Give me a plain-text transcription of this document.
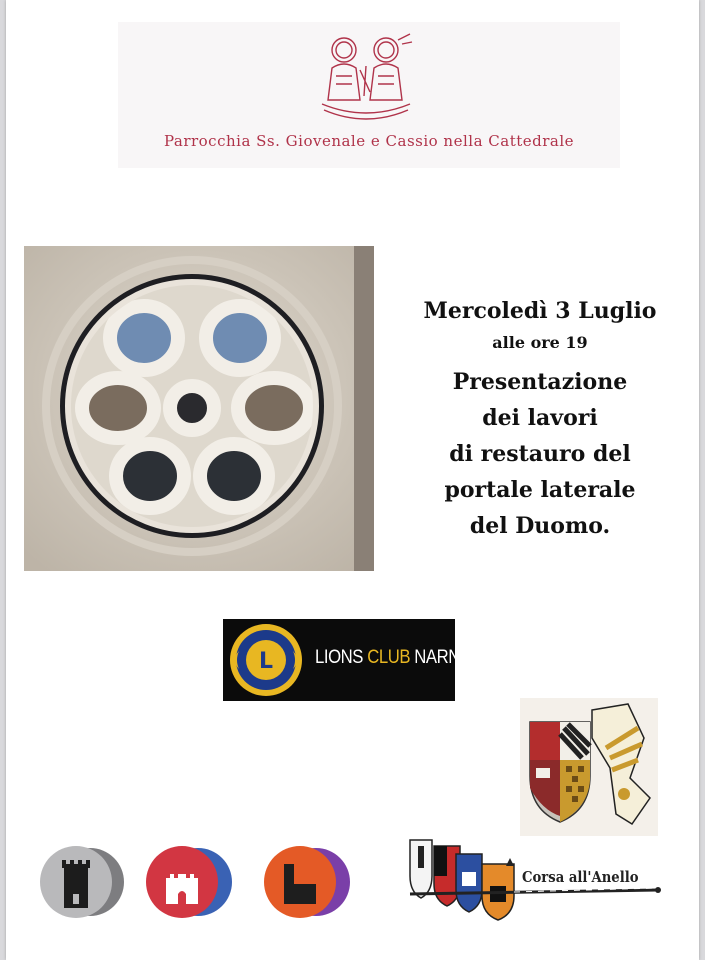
Parrocchia Ss. Giovenale e Cassio nella Cattedrale
Mercoledì 3 Luglio
alle ore 19
Presentazione
dei lavori
di restauro del
portale laterale
del Duomo.
L LIONS CLUB NARNI
Corsa all'Anello
